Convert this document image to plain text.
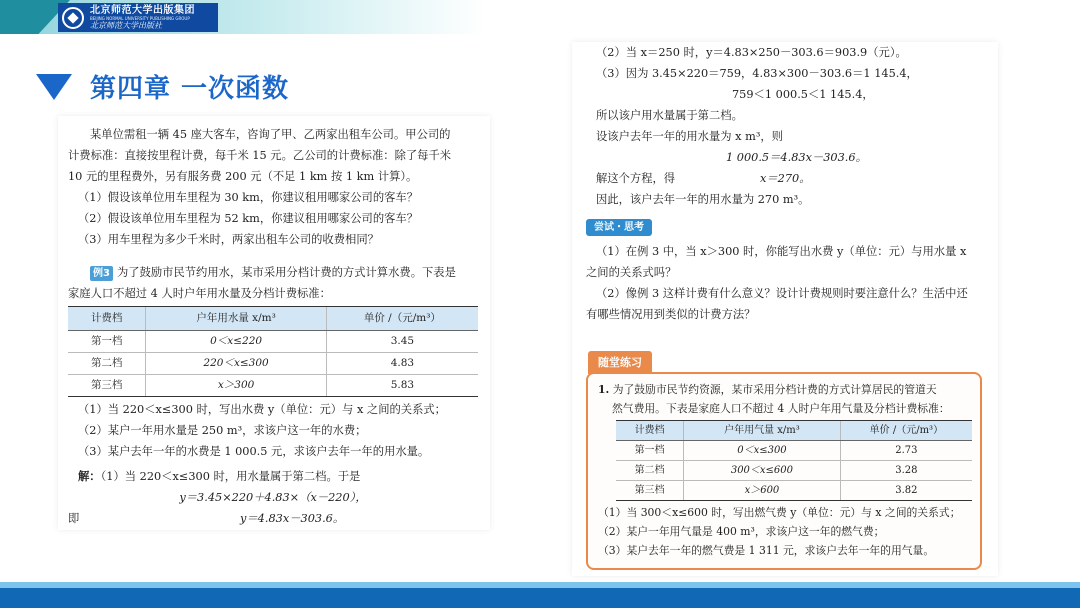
北京师范大学出版集团
BEIJING NORMAL UNIVERSITY PUBLISHING GROUP
北京师范大学出版社
第四章 一次函数

某单位需租一辆 45 座大客车，咨询了甲、乙两家出租车公司。甲公司的

计费标准：直接按里程计费，每千米 15 元。乙公司的计费标准：除了每千米

10 元的里程费外，另有服务费 200 元（不足 1 km 按 1 km 计算）。

（1）假设该单位用车里程为 30 km，你建议租用哪家公司的客车？

（2）假设该单位用车里程为 52 km，你建议租用哪家公司的客车？

（3）用车里程为多少千米时，两家出租车公司的收费相同？

例3 为了鼓励市民节约用水，某市采用分档计费的方式计算水费。下表是

家庭人口不超过 4 人时户年用水量及分档计费标准：

计费档	户年用水量 x/m³	单价 /（元/m³）
第一档	0＜x≤220	3.45
第二档	220＜x≤300	4.83
第三档	x＞300	5.83

（1）当 220＜x≤300 时，写出水费 y（单位：元）与 x 之间的关系式；

（2）某户一年用水量是 250 m³，求该户这一年的水费；

（3）某户去年一年的水费是 1 000.5 元，求该户去年一年的用水量。

解：（1）当 220＜x≤300 时，用水量属于第二档。于是

y＝3.45×220＋4.83×（x－220），

即	y＝4.83x－303.6。

（2）当 x＝250 时，y＝4.83×250－303.6＝903.9（元）。

（3）因为 3.45×220＝759，4.83×300－303.6＝1 145.4，

759＜1 000.5＜1 145.4，

所以该户用水量属于第二档。

设该户去年一年的用水量为 x m³，则

1 000.5＝4.83x－303.6。

解这个方程，得	x＝270。

因此，该户去年一年的用水量为 270 m³。

尝试・思考

（1）在例 3 中，当 x＞300 时，你能写出水费 y（单位：元）与用水量 x

之间的关系式吗？

（2）像例 3 这样计费有什么意义？设计计费规则时要注意什么？生活中还

有哪些情况用到类似的计费方法？

随堂练习

1. 为了鼓励市民节约资源，某市采用分档计费的方式计算居民的管道天

然气费用。下表是家庭人口不超过 4 人时户年用气量及分档计费标准：

计费档	户年用气量 x/m³	单价 /（元/m³）
第一档	0＜x≤300	2.73
第二档	300＜x≤600	3.28
第三档	x＞600	3.82

（1）当 300＜x≤600 时，写出燃气费 y（单位：元）与 x 之间的关系式；

（2）某户一年用气量是 400 m³，求该户这一年的燃气费；

（3）某户去年一年的燃气费是 1 311 元，求该户去年一年的用气量。
